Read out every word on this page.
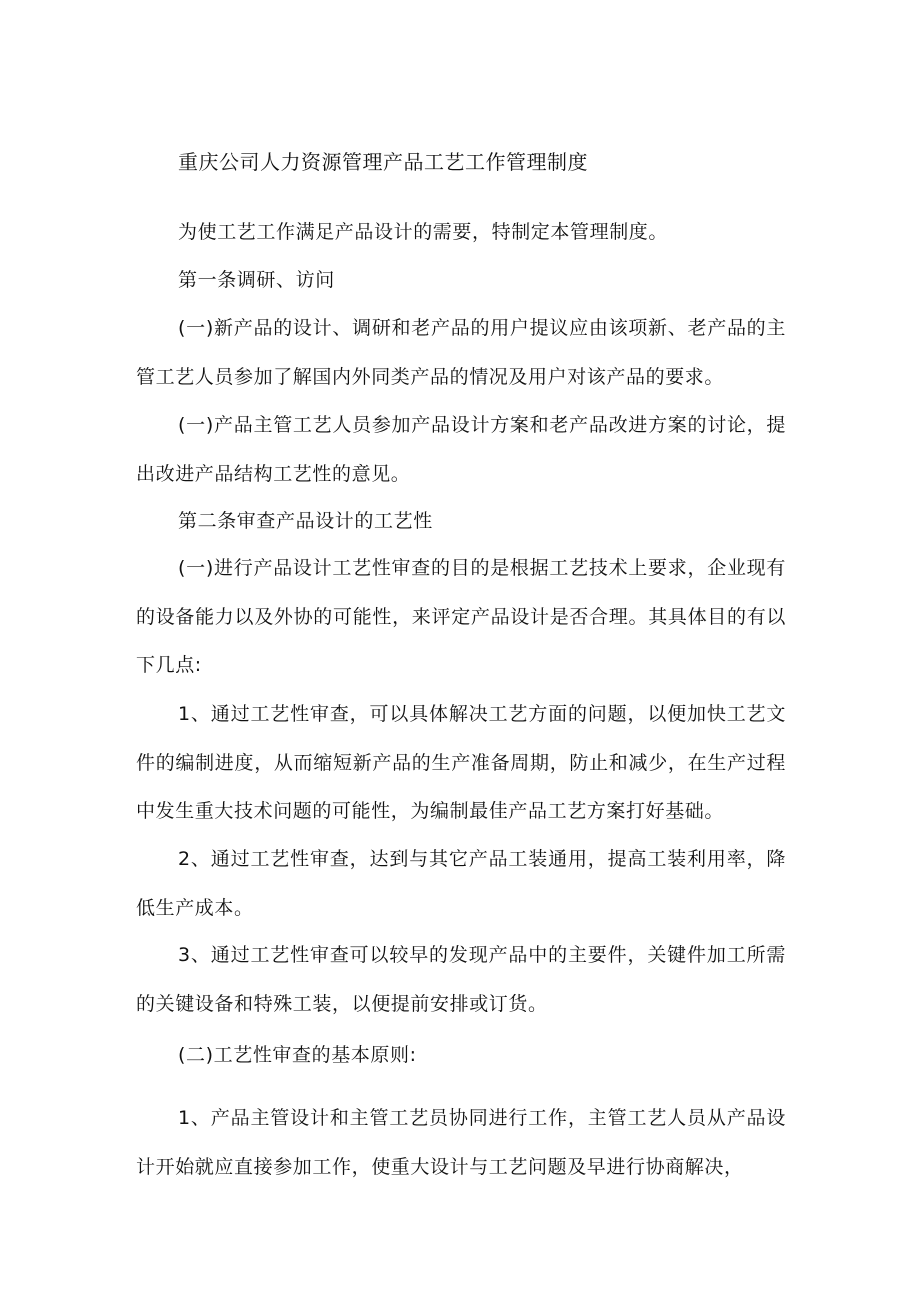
重庆公司人力资源管理产品工艺工作管理制度
为使工艺工作满足产品设计的需要，特制定本管理制度。
第一条调研、访问
(一)新产品的设计、调研和老产品的用户提议应由该项新、老产品的主管工艺人员参加了解国内外同类产品的情况及用户对该产品的要求。
(一)产品主管工艺人员参加产品设计方案和老产品改进方案的讨论，提出改进产品结构工艺性的意见。
第二条审查产品设计的工艺性
(一)进行产品设计工艺性审查的目的是根据工艺技术上要求，企业现有的设备能力以及外协的可能性，来评定产品设计是否合理。其具体目的有以下几点:
1、通过工艺性审查，可以具体解决工艺方面的问题，以便加快工艺文件的编制进度，从而缩短新产品的生产准备周期，防止和减少，在生产过程中发生重大技术问题的可能性，为编制最佳产品工艺方案打好基础。
2、通过工艺性审查，达到与其它产品工装通用，提高工装利用率，降低生产成本。
3、通过工艺性审查可以较早的发现产品中的主要件，关键件加工所需的关键设备和特殊工装，以便提前安排或订货。
(二)工艺性审查的基本原则:
1、产品主管设计和主管工艺员协同进行工作，主管工艺人员从产品设计开始就应直接参加工作，使重大设计与工艺问题及早进行协商解决，
